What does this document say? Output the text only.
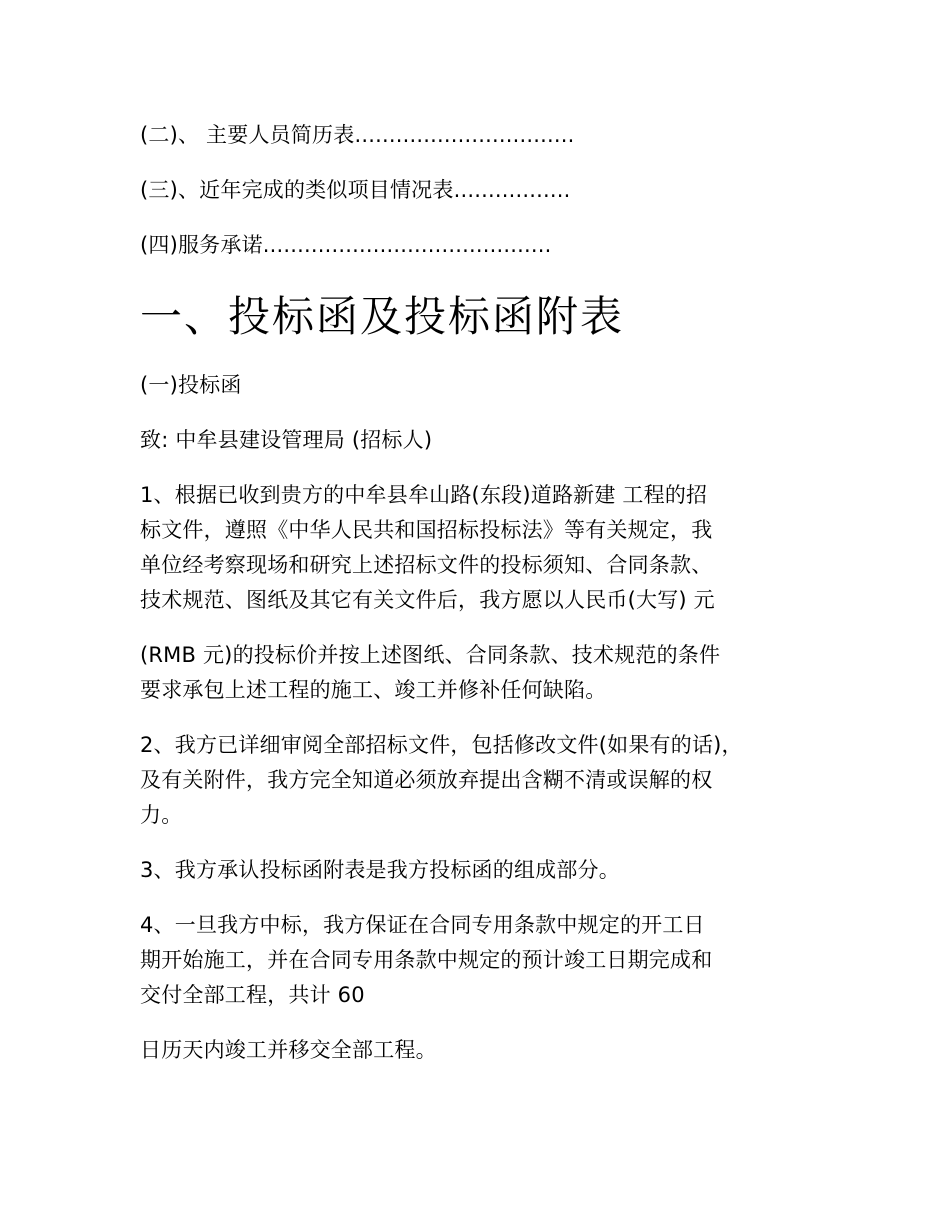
(二)、 主要人员简历表................................
(三)、近年完成的类似项目情况表.................
(四)服务承诺..........................................
一、投标函及投标函附表
(一)投标函
致: 中牟县建设管理局 (招标人)
1、根据已收到贵方的中牟县牟山路(东段)道路新建 工程的招
标文件，遵照《中华人民共和国招标投标法》等有关规定，我
单位经考察现场和研究上述招标文件的投标须知、合同条款、
技术规范、图纸及其它有关文件后，我方愿以人民币(大写) 元
(RMB 元)的投标价并按上述图纸、合同条款、技术规范的条件
要求承包上述工程的施工、竣工并修补任何缺陷。
2、我方已详细审阅全部招标文件，包括修改文件(如果有的话)，
及有关附件，我方完全知道必须放弃提出含糊不清或误解的权
力。
3、我方承认投标函附表是我方投标函的组成部分。
4、一旦我方中标，我方保证在合同专用条款中规定的开工日
期开始施工，并在合同专用条款中规定的预计竣工日期完成和
交付全部工程，共计 60
日历天内竣工并移交全部工程。
